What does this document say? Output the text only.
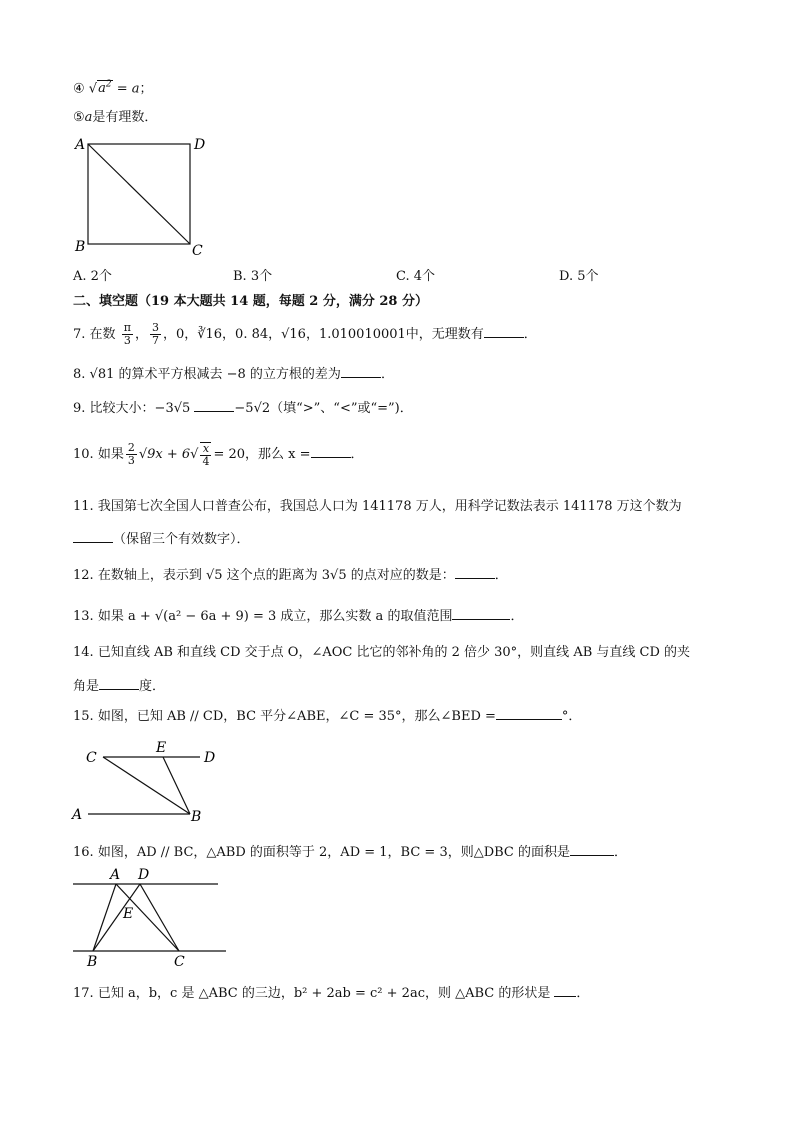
④ $√a^2 = a$；
⑤a是有理数．
A	D
B	C
A. 2个	B. 3个	C. 4个	D. 5个
二、填空题（19 本大题共 14 题，每题 2 分，满分 28 分）
7. 在数 $\frac{\pi}{3}$ ， $\frac{3}{7}$ ，0，∛16，0. 8̇4̇，√16，1.010010001中，无理数有	．
8. √81 的算术平方根减去 −8 的立方根的差为	．
9. 比较大小：−3√5	−5√2（填“>”、“<”或“=”)．
10. 如果 $\frac{2}{3} √9x + 6√ \frac{x}{4} = 20$，那么 x =	．
11. 我国第七次全国人口普查公布，我国总人口为 141178 万人，用科学记数法表示 141178 万这个数为
（保留三个有效数字）．
12. 在数轴上，表示到 √5 这个点的距离为 3√5 的点对应的数是：	．
13. 如果 a + √(a² − 6a + 9) = 3 成立，那么实数 a 的取值范围	．
14. 已知直线 AB 和直线 CD 交于点 O，∠AOC 比它的邻补角的 2 倍少 30°，则直线 AB 与直线 CD 的夹
角是	度．
15. 如图，已知 AB // CD，BC 平分∠ABE，∠C = 35°，那么∠BED =	°．
C
E
D
A	B
16. 如图，AD // BC，△ABD 的面积等于 2，AD = 1，BC = 3，则△DBC 的面积是	．
A D
E
B	C
17. 已知 a，b，c 是 △ABC 的三边，b² + 2ab = c² + 2ac，则 △ABC 的形状是 ．
